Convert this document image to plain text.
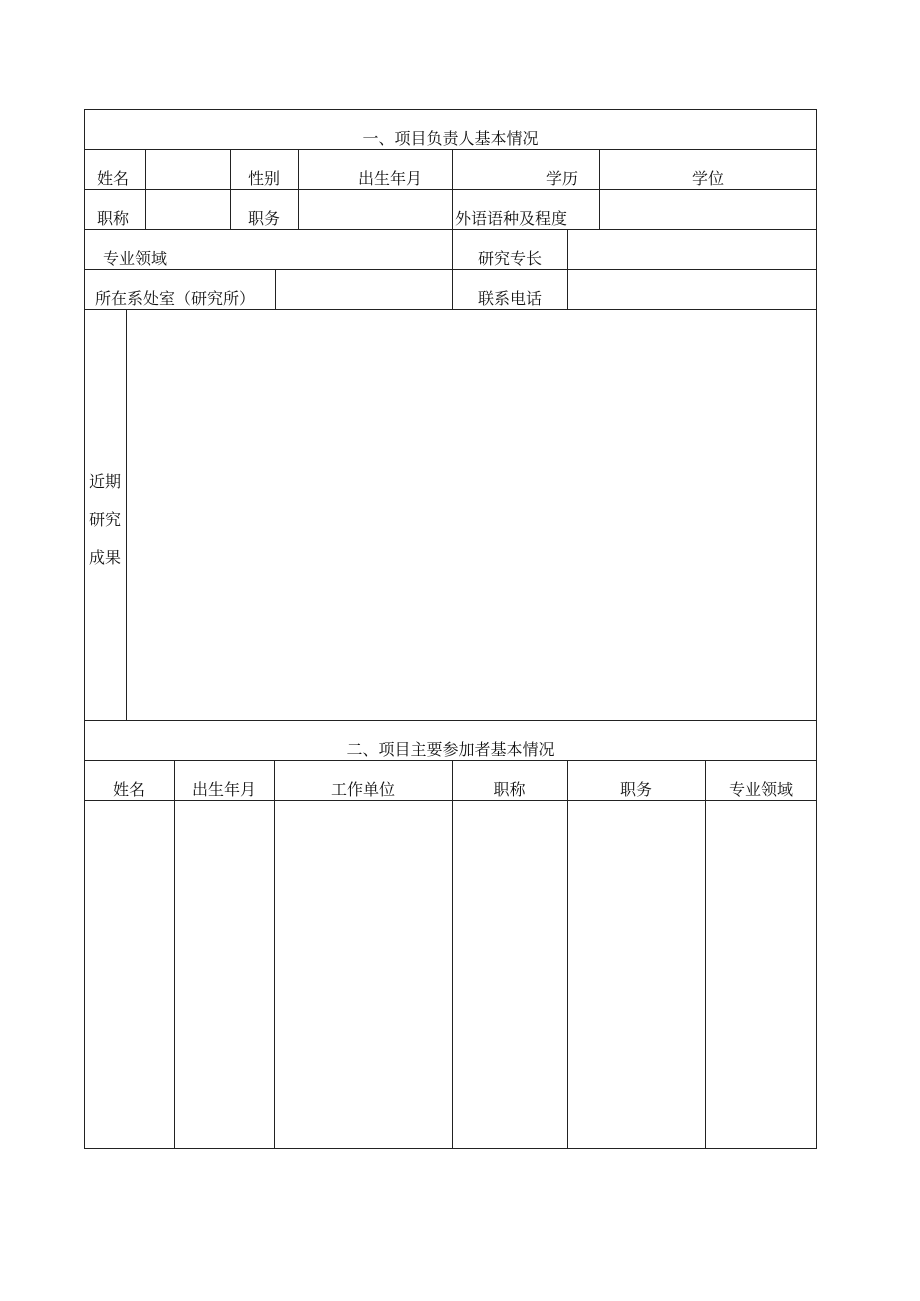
一、项目负责人基本情况
姓名	性别	出生年月	学历	学位
职称	职务	外语语种及程度
专业领域	研究专长
所在系处室（研究所）	联系电话
近期
研究
成果
二、项目主要参加者基本情况
姓名	出生年月	工作单位	职称	职务	专业领域
